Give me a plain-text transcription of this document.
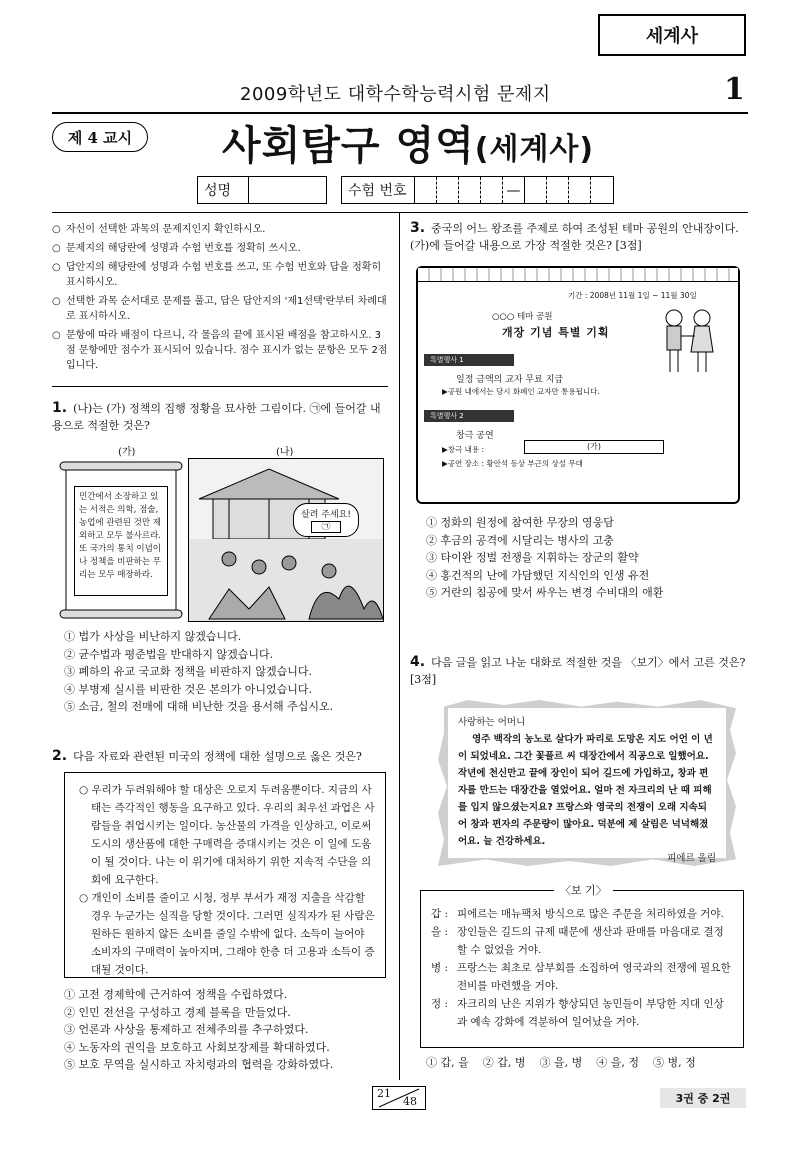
세계사
2009학년도 대학수학능력시험 문제지	1
제 4 교시	사회탐구 영역(세계사)
성명	수험 번호	—
○ 자신이 선택한 과목의 문제지인지 확인하시오.
○ 문제지의 해당란에 성명과 수험 번호를 정확히 쓰시오.
○ 답안지의 해당란에 성명과 수험 번호를 쓰고, 또 수험 번호와 답을 정확히 표시하시오.
○ 선택한 과목 순서대로 문제를 풀고, 답은 답안지의 '제1선택'란부터 차례대로 표시하시오.
○ 문항에 따라 배점이 다르니, 각 물음의 끝에 표시된 배점을 참고하시오. 3점 문항에만 점수가 표시되어 있습니다. 점수 표시가 없는 문항은 모두 2점입니다.
1. (나)는 (가) 정책의 집행 정황을 묘사한 그림이다. ㉠에 들어갈 내용으로 적절한 것은?
(가)	(나)
민간에서 소장하고 있는 서적은 의학, 점술, 농업에 관련된 것만 제외하고 모두 불사르라. 또 국가의 통치 이념이나 정책을 비판하는 무리는 모두 매장하라.
살려 주세요!
㉠
① 법가 사상을 비난하지 않겠습니다.
② 균수법과 평준법을 반대하지 않겠습니다.
③ 폐하의 유교 국교화 정책을 비판하지 않겠습니다.
④ 부병제 실시를 비판한 것은 본의가 아니었습니다.
⑤ 소금, 철의 전매에 대해 비난한 것을 용서해 주십시오.
2. 다음 자료와 관련된 미국의 정책에 대한 설명으로 옳은 것은?

○ 우리가 두려워해야 할 대상은 오로지 두려움뿐이다. 지금의 사태는 즉각적인 행동을 요구하고 있다. 우리의 최우선 과업은 사람들을 취업시키는 일이다. 농산물의 가격을 인상하고, 이로써 도시의 생산품에 대한 구매력을 증대시키는 것은 이 일에 도움이 될 것이다. 나는 이 위기에 대처하기 위한 지속적 수단을 의회에 요구한다.

○ 개인이 소비를 줄이고 시청, 정부 부서가 재정 지출을 삭감할 경우 누군가는 실직을 당할 것이다. 그러면 실직자가 된 사람은 원하든 원하지 않든 소비를 줄일 수밖에 없다. 소득이 늘어야 소비자의 구매력이 높아지며, 그래야 한층 더 고용과 소득이 증대될 것이다.

① 고전 경제학에 근거하여 정책을 수립하였다.
② 인민 전선을 구성하고 경제 블록을 만들었다.
③ 언론과 사상을 통제하고 전체주의를 추구하였다.
④ 노동자의 권익을 보호하고 사회보장제를 확대하였다.
⑤ 보호 무역을 실시하고 자치령과의 협력을 강화하였다.
3. 중국의 어느 왕조를 주제로 하여 조성된 테마 공원의 안내장이다. (가)에 들어갈 내용으로 가장 적절한 것은? [3점]
기간 : 2008년 11월 1일 ~ 11월 30일
○○○ 테마 공원
개장 기념 특별 기획
특별행사 1
일정 금액의 교자 무료 지급
▶공원 내에서는 당시 화폐인 교자만 통용됩니다.
특별행사 2
창극 공연
▶창극 내용 :	(가)
▶공연 장소 : 황안석 동상 부근의 상설 무대
① 정화의 원정에 참여한 무장의 영웅담
② 후금의 공격에 시달리는 병사의 고충
③ 타이완 정벌 전쟁을 지휘하는 장군의 활약
④ 홍건적의 난에 가담했던 지식인의 인생 유전
⑤ 거란의 침공에 맞서 싸우는 변경 수비대의 애환
4. 다음 글을 읽고 나눈 대화로 적절한 것을 〈보기〉에서 고른 것은? [3점]
사랑하는 어머니
영주 백작의 농노로 살다가 파리로 도망온 지도 어언 이 년이 되었네요. 그간 꽃플르 씨 대장간에서 직공으로 일했어요. 작년에 천신만고 끝에 장인이 되어 길드에 가입하고, 창과 편자를 만드는 대장간을 열었어요. 얼마 전 자크리의 난 때 피해를 입지 않으셨는지요? 프랑스와 영국의 전쟁이 오래 지속되어 창과 편자의 주문량이 많아요. 덕분에 제 살림은 넉넉해졌어요. 늘 건강하세요.
피에르 올림
갑 : 피에르는 매뉴팩처 방식으로 많은 주문을 처리하였을 거야.
을 : 장인들은 길드의 규제 때문에 생산과 판매를 마음대로 결정할 수 없었을 거야.
병 : 프랑스는 최초로 삼부회를 소집하여 영국과의 전쟁에 필요한 전비를 마련했을 거야.
정 : 자크리의 난은 지위가 향상되던 농민들이 부당한 지대 인상과 예속 강화에 격분하여 일어났을 거야.
〈보 기〉
① 갑, 을 ② 갑, 병 ③ 을, 병 ④ 을, 정 ⑤ 병, 정
21
48	3권 중 2권
